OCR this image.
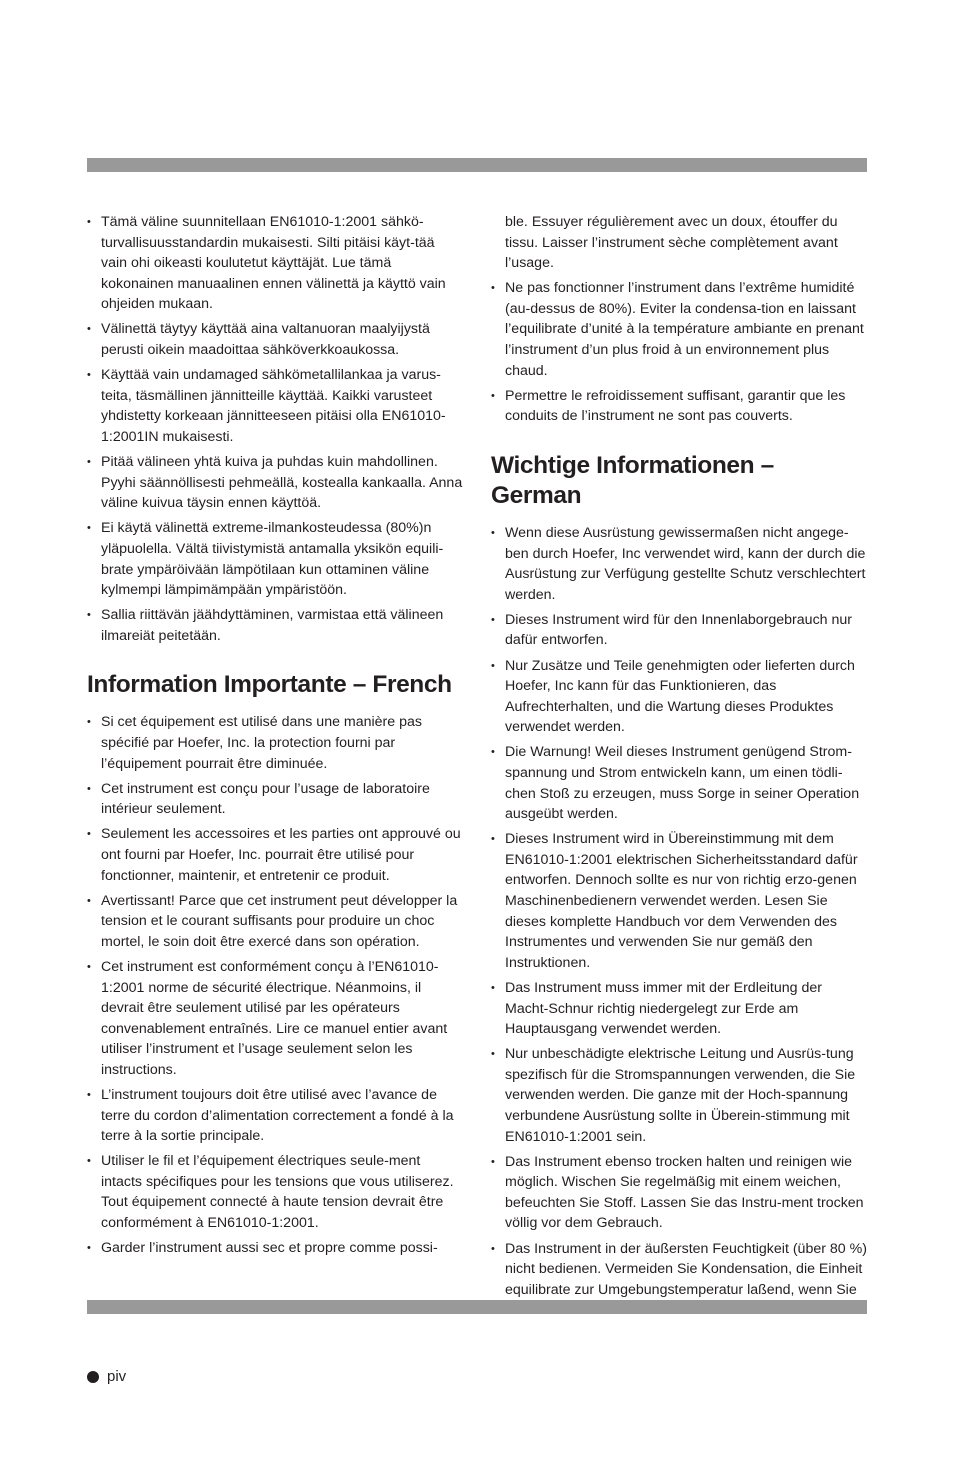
• Tämä väline suunnitellaan EN61010-1:2001 sähkö-turvallisuusstandardin mukaisesti. Silti pitäisi käyt-tää vain ohi oikeasti koulutetut käyttäjät. Lue tämä kokonainen manuaalinen ennen välinettä ja käyttö vain ohjeiden mukaan.
• Välinettä täytyy käyttää aina valtanuoran maalyijystä perusti oikein maadoittaa sähköverkkoaukossa.
• Käyttää vain undamaged sähkömetallilankaa ja varus-teita, täsmällinen jännitteille käyttää. Kaikki varusteet yhdistetty korkeaan jännitteeseen pitäisi olla EN61010-1:2001IN mukaisesti.
• Pitää välineen yhtä kuiva ja puhdas kuin mahdollinen. Pyyhi säännöllisesti pehmeällä, kostealla kankaalla. Anna väline kuivua täysin ennen käyttöä.
• Ei käytä välinettä extreme-ilmankosteudessa (80%)n yläpuolella. Vältä tiivistymistä antamalla yksikön equili-brate ympäröivään lämpötilaan kun ottaminen väline kylmempi lämpimämpään ympäristöön.
• Sallia riittävän jäähdyttäminen, varmistaa että välineen ilmareiät peitetään.
Information Importante – French
• Si cet équipement est utilisé dans une manière pas spécifié par Hoefer, Inc. la protection fourni par l’équipement pourrait être diminuée.
• Cet instrument est conçu pour l’usage de laboratoire intérieur seulement.
• Seulement les accessoires et les parties ont approuvé ou ont fourni par Hoefer, Inc. pourrait être utilisé pour fonctionner, maintenir, et entretenir ce produit.
• Avertissant! Parce que cet instrument peut développer la tension et le courant suffisants pour produire un choc mortel, le soin doit être exercé dans son opération.
• Cet instrument est conformément conçu à l’EN61010-1:2001 norme de sécurité électrique. Néanmoins, il devrait être seulement utilisé par les opérateurs convenablement entraînés. Lire ce manuel entier avant utiliser l’instrument et l’usage seulement selon les instructions.
• L’instrument toujours doit être utilisé avec l’avance de terre du cordon d’alimentation correctement a fondé à la terre à la sortie principale.
• Utiliser le fil et l’équipement électriques seule-ment intacts spécifiques pour les tensions que vous utiliserez. Tout équipement connecté à haute tension devrait être conformément à EN61010-1:2001.
• Garder l’instrument aussi sec et propre comme possi-

ble. Essuyer régulièrement avec un doux, étouffer du tissu. Laisser l’instrument sèche complètement avant l’usage.

• Ne pas fonctionner l’instrument dans l’extrême humidité (au-dessus de 80%). Eviter la condensa-tion en laissant l’equilibrate d’unité à la température ambiante en prenant l’instrument d’un plus froid à un environnement plus chaud.
• Permettre le refroidissement suffisant, garantir que les conduits de l’instrument ne sont pas couverts.
Wichtige Informationen – German
• Wenn diese Ausrüstung gewissermaßen nicht angege-ben durch Hoefer, Inc verwendet wird, kann der durch die Ausrüstung zur Verfügung gestellte Schutz verschlechtert werden.
• Dieses Instrument wird für den Innenlaborgebrauch nur dafür entworfen.
• Nur Zusätze und Teile genehmigten oder lieferten durch Hoefer, Inc kann für das Funktionieren, das Aufrechterhalten, und die Wartung dieses Produktes verwendet werden.
• Die Warnung! Weil dieses Instrument genügend Strom-spannung und Strom entwickeln kann, um einen tödli-chen Stoß zu erzeugen, muss Sorge in seiner Operation ausgeübt werden.
• Dieses Instrument wird in Übereinstimmung mit dem EN61010-1:2001 elektrischen Sicherheitsstandard dafür entworfen. Dennoch sollte es nur von richtig erzo-genen Maschinenbedienern verwendet werden. Lesen Sie dieses komplette Handbuch vor dem Verwenden des Instrumentes und verwenden Sie nur gemäß den Instruktionen.
• Das Instrument muss immer mit der Erdleitung der Macht-Schnur richtig niedergelegt zur Erde am Hauptausgang verwendet werden.
• Nur unbeschädigte elektrische Leitung und Ausrüs-tung spezifisch für die Stromspannungen verwenden, die Sie verwenden werden. Die ganze mit der Hoch-spannung verbundene Ausrüstung sollte in Überein-stimmung mit EN61010-1:2001 sein.
• Das Instrument ebenso trocken halten und reinigen wie möglich. Wischen Sie regelmäßig mit einem weichen, befeuchten Sie Stoff. Lassen Sie das Instru-ment trocken völlig vor dem Gebrauch.
• Das Instrument in der äußersten Feuchtigkeit (über 80 %) nicht bedienen. Vermeiden Sie Kondensation, die Einheit equilibrate zur Umgebungstemperatur laßend, wenn Sie
piv
